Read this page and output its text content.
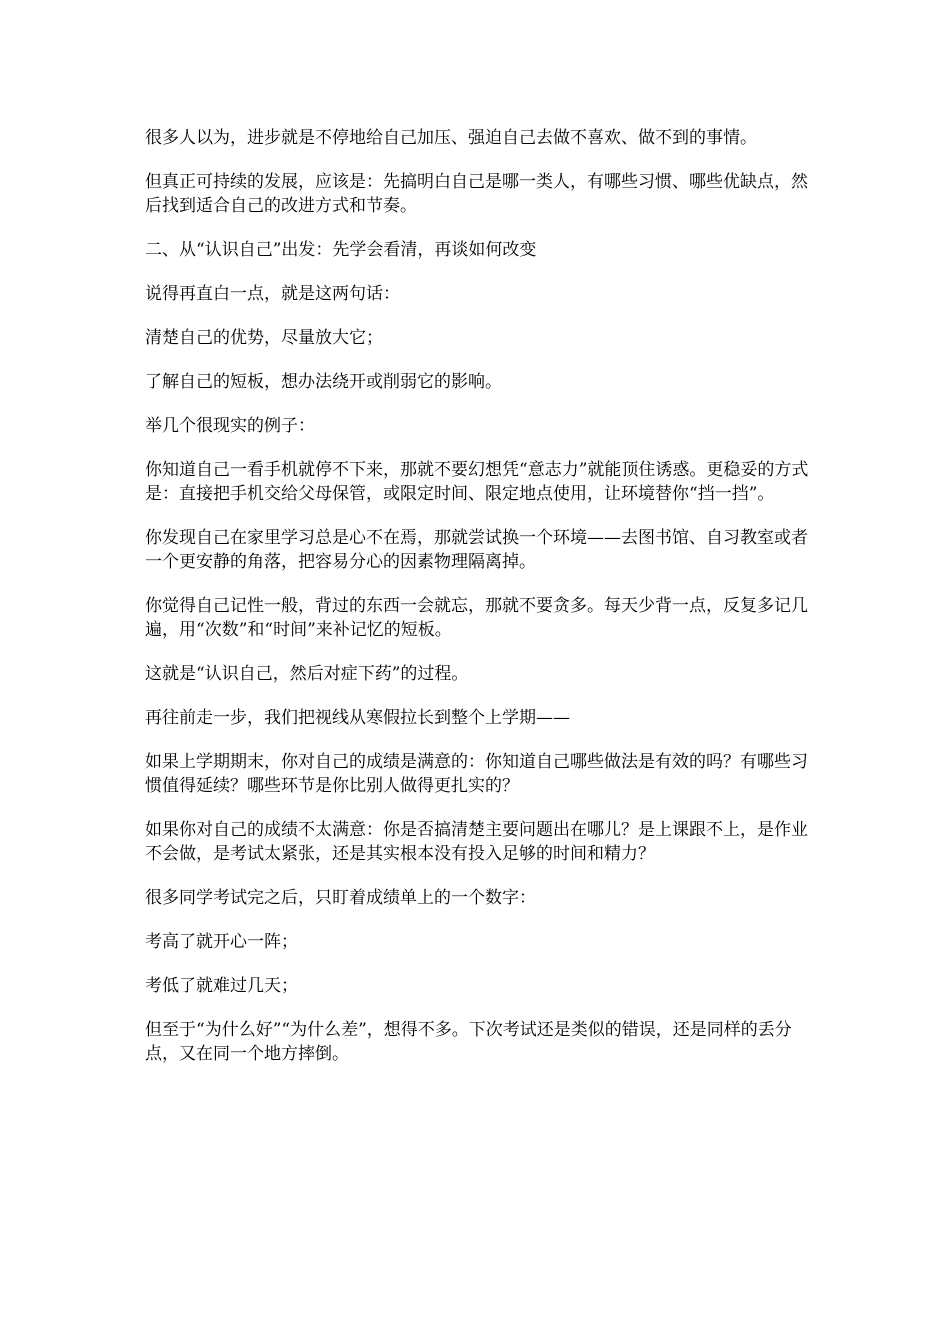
很多人以为，进步就是不停地给自己加压、强迫自己去做不喜欢、做不到的事情。

但真正可持续的发展，应该是：先搞明白自己是哪一类人，有哪些习惯、哪些优缺点，然后找到适合自己的改进方式和节奏。

二、从“认识自己”出发：先学会看清，再谈如何改变

说得再直白一点，就是这两句话：

清楚自己的优势，尽量放大它；

了解自己的短板，想办法绕开或削弱它的影响。

举几个很现实的例子：

你知道自己一看手机就停不下来，那就不要幻想凭“意志力”就能顶住诱惑。更稳妥的方式是：直接把手机交给父母保管，或限定时间、限定地点使用，让环境替你“挡一挡”。

你发现自己在家里学习总是心不在焉，那就尝试换一个环境——去图书馆、自习教室或者一个更安静的角落，把容易分心的因素物理隔离掉。

你觉得自己记性一般，背过的东西一会就忘，那就不要贪多。每天少背一点，反复多记几遍，用“次数”和“时间”来补记忆的短板。

这就是“认识自己，然后对症下药”的过程。

再往前走一步，我们把视线从寒假拉长到整个上学期——

如果上学期期末，你对自己的成绩是满意的：你知道自己哪些做法是有效的吗？有哪些习惯值得延续？哪些环节是你比别人做得更扎实的？

如果你对自己的成绩不太满意：你是否搞清楚主要问题出在哪儿？是上课跟不上，是作业不会做，是考试太紧张，还是其实根本没有投入足够的时间和精力？

很多同学考试完之后，只盯着成绩单上的一个数字：

考高了就开心一阵；

考低了就难过几天；

但至于“为什么好”“为什么差”，想得不多。下次考试还是类似的错误，还是同样的丢分点，又在同一个地方摔倒。
